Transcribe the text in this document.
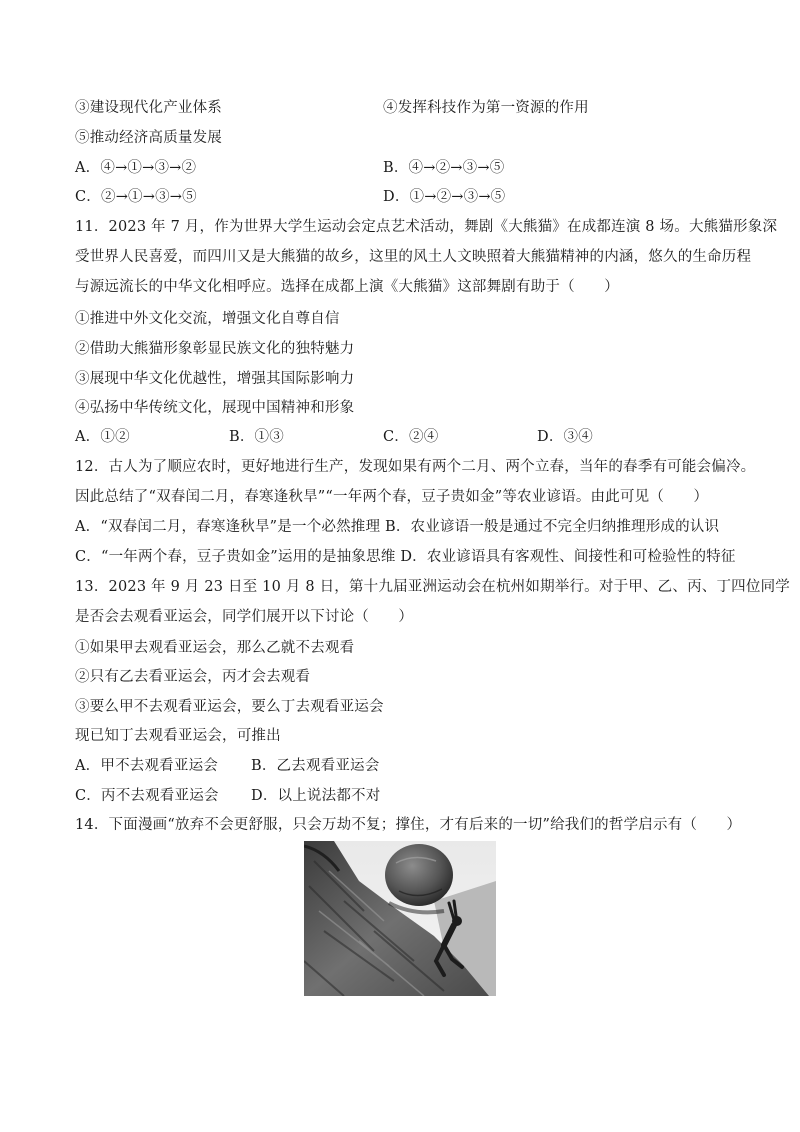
③建设现代化产业体系	④发挥科技作为第一资源的作用
⑤推动经济高质量发展
A．④→①→③→②	B．④→②→③→⑤
C．②→①→③→⑤	D．①→②→③→⑤
11．2023 年 7 月，作为世界大学生运动会定点艺术活动，舞剧《大熊猫》在成都连演 8 场。大熊猫形象深
受世界人民喜爱，而四川又是大熊猫的故乡，这里的风土人文映照着大熊猫精神的内涵，悠久的生命历程
与源远流长的中华文化相呼应。选择在成都上演《大熊猫》这部舞剧有助于（　　）
①推进中外文化交流，增强文化自尊自信
②借助大熊猫形象彰显民族文化的独特魅力
③展现中华文化优越性，增强其国际影响力
④弘扬中华传统文化，展现中国精神和形象
A．①②	B．①③	C．②④	D．③④
12．古人为了顺应农时，更好地进行生产，发现如果有两个二月、两个立春，当年的春季有可能会偏冷。
因此总结了“双春闰二月，春寒逢秋旱”“一年两个春，豆子贵如金”等农业谚语。由此可见（　　）
A．“双春闰二月，春寒逢秋旱”是一个必然推理 B．农业谚语一般是通过不完全归纳推理形成的认识
C．“一年两个春，豆子贵如金”运用的是抽象思维 D．农业谚语具有客观性、间接性和可检验性的特征
13．2023 年 9 月 23 日至 10 月 8 日，第十九届亚洲运动会在杭州如期举行。对于甲、乙、丙、丁四位同学
是否会去观看亚运会，同学们展开以下讨论（　　）
①如果甲去观看亚运会，那么乙就不去观看
②只有乙去看亚运会，丙才会去观看
③要么甲不去观看亚运会，要么丁去观看亚运会
现已知丁去观看亚运会，可推出
A．甲不去观看亚运会 B．乙去观看亚运会
C．丙不去观看亚运会 D．以上说法都不对
14．下面漫画“放弃不会更舒服，只会万劫不复；撑住，才有后来的一切”给我们的哲学启示有（　　）
